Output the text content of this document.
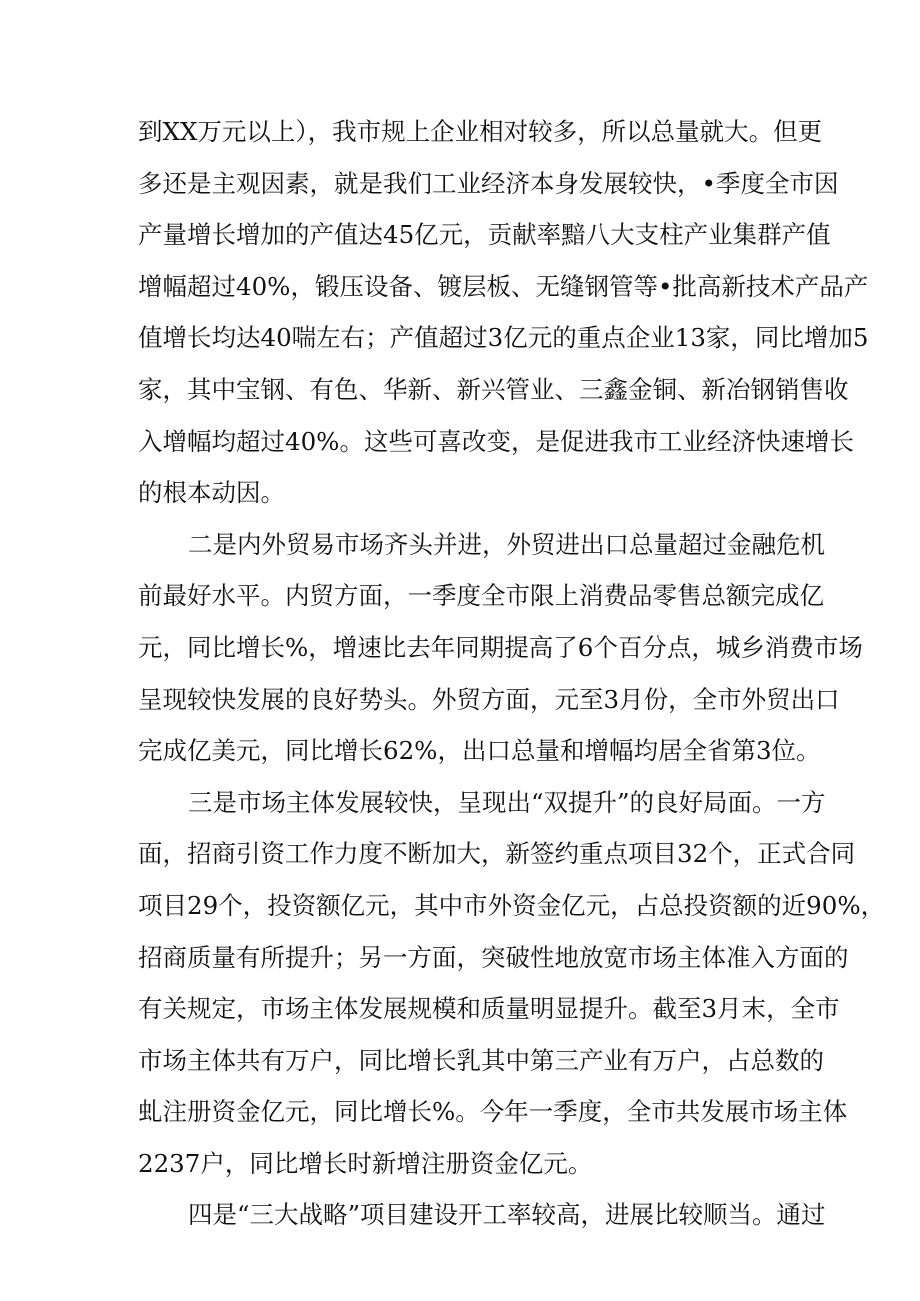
到XX万元以上），我市规上企业相对较多，所以总量就大。但更
多还是主观因素，就是我们工业经济本身发展较快，•季度全市因
产量增长增加的产值达45亿元，贡献率黯八大支柱产业集群产值
增幅超过40%，锻压设备、镀层板、无缝钢管等•批高新技术产品产
值增长均达40喘左右；产值超过3亿元的重点企业13家，同比增加5
家，其中宝钢、有色、华新、新兴管业、三鑫金铜、新冶钢销售收
入增幅均超过40%。这些可喜改变，是促进我市工业经济快速增长
的根本动因。
二是内外贸易市场齐头并进，外贸进出口总量超过金融危机
前最好水平。内贸方面，一季度全市限上消费品零售总额完成亿
元，同比增长%，增速比去年同期提高了6个百分点，城乡消费市场
呈现较快发展的良好势头。外贸方面，元至3月份，全市外贸出口
完成亿美元，同比增长62%，出口总量和增幅均居全省第3位。
三是市场主体发展较快，呈现出“双提升”的良好局面。一方
面，招商引资工作力度不断加大，新签约重点项目32个，正式合同
项目29个，投资额亿元，其中市外资金亿元，占总投资额的近90%，
招商质量有所提升；另一方面，突破性地放宽市场主体准入方面的
有关规定，市场主体发展规模和质量明显提升。截至3月末，全市
市场主体共有万户，同比增长乳其中第三产业有万户，占总数的
虬注册资金亿元，同比增长%。今年一季度，全市共发展市场主体
2237户，同比增长时新增注册资金亿元。
四是“三大战略”项目建设开工率较高，进展比较顺当。通过
